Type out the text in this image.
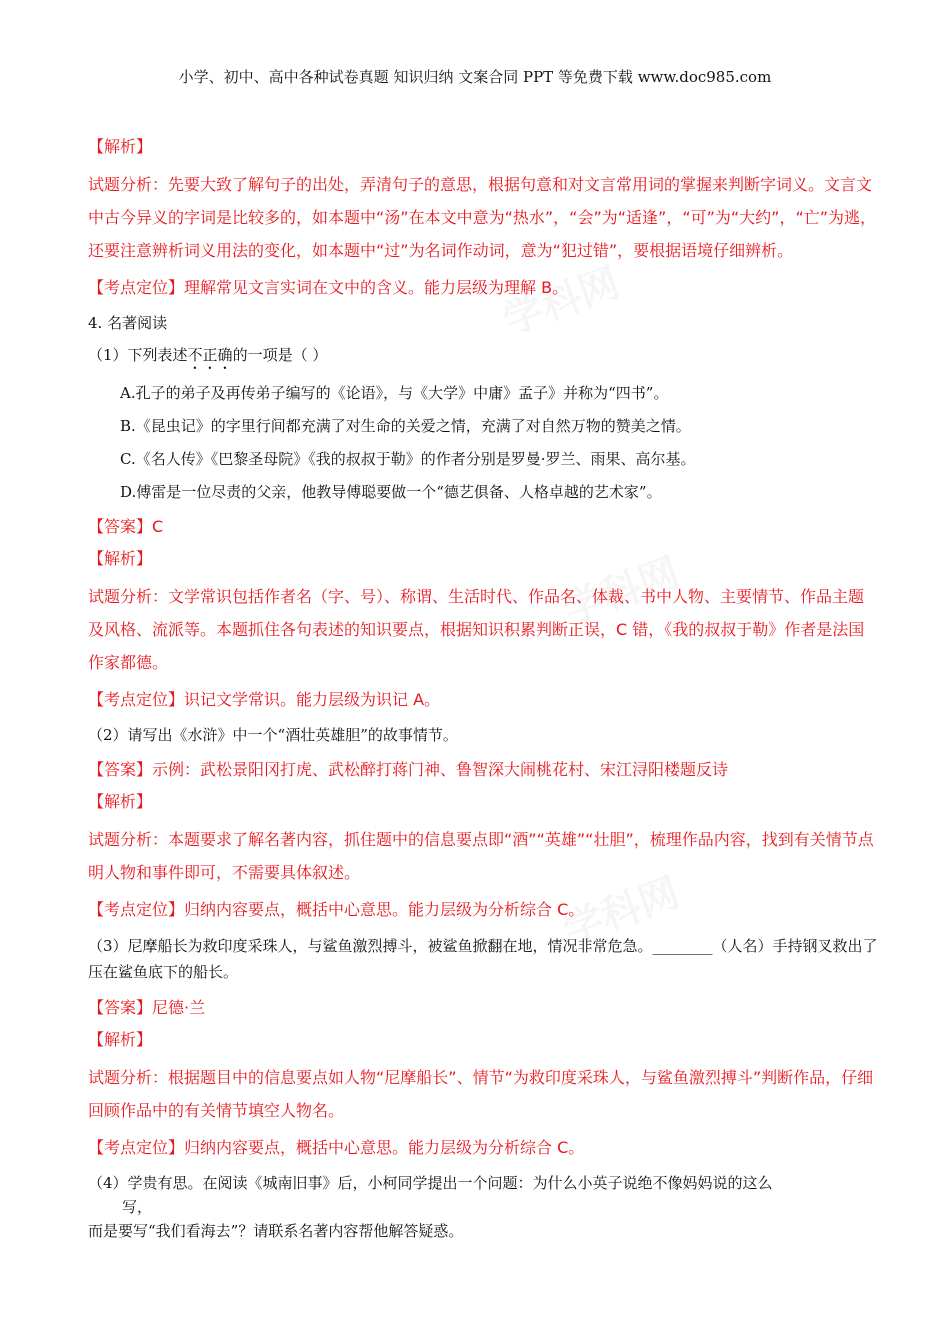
小学、初中、高中各种试卷真题 知识归纳 文案合同 PPT 等免费下载 www.doc985.com
学科网
学科网
学科网
【解析】
试题分析：先要大致了解句子的出处，弄清句子的意思，根据句意和对文言常用词的掌握来判断字词义。文言文中古今异义的字词是比较多的，如本题中“汤”在本文中意为“热水”，“会”为“适逢”，“可”为“大约”，“亡”为逃，还要注意辨析词义用法的变化，如本题中“过”为名词作动词，意为“犯过错”，要根据语境仔细辨析。
【考点定位】理解常见文言实词在文中的含义。能力层级为理解 B。
4. 名著阅读
（1）下列表述不正确的一项是（ ）
A.孔子的弟子及再传弟子编写的《论语》，与《大学》中庸》孟子》并称为“四书”。
B.《昆虫记》的字里行间都充满了对生命的关爱之情，充满了对自然万物的赞美之情。
C.《名人传》《巴黎圣母院》《我的叔叔于勒》的作者分别是罗曼·罗兰、雨果、高尔基。
D.傅雷是一位尽责的父亲，他教导傅聪要做一个“德艺俱备、人格卓越的艺术家”。
【答案】C
【解析】
试题分析：文学常识包括作者名（字、号）、称谓、生活时代、作品名、体裁、书中人物、主要情节、作品主题及风格、流派等。本题抓住各句表述的知识要点，根据知识积累判断正误，C 错，《我的叔叔于勒》作者是法国作家都德。
【考点定位】识记文学常识。能力层级为识记 A。
（2）请写出《水浒》中一个“酒壮英雄胆”的故事情节。
【答案】示例：武松景阳冈打虎、武松醉打蒋门神、鲁智深大闹桃花村、宋江浔阳楼题反诗
【解析】
试题分析：本题要求了解名著内容，抓住题中的信息要点即“酒”“英雄”“壮胆”，梳理作品内容，找到有关情节点明人物和事件即可，不需要具体叙述。
【考点定位】归纳内容要点，概括中心意思。能力层级为分析综合 C。
（3）尼摩船长为救印度采珠人，与鲨鱼激烈搏斗，被鲨鱼掀翻在地，情况非常危急。________（人名）手持钢叉救出了压在鲨鱼底下的船长。
【答案】尼德·兰
【解析】
试题分析：根据题目中的信息要点如人物“尼摩船长”、情节“为救印度采珠人，与鲨鱼激烈搏斗”判断作品，仔细回顾作品中的有关情节填空人物名。
【考点定位】归纳内容要点，概括中心意思。能力层级为分析综合 C。
（4）学贵有思。在阅读《城南旧事》后，小柯同学提出一个问题：为什么小英子说绝不像妈妈说的这么
写，
而是要写“我们看海去”？请联系名著内容帮他解答疑惑。
